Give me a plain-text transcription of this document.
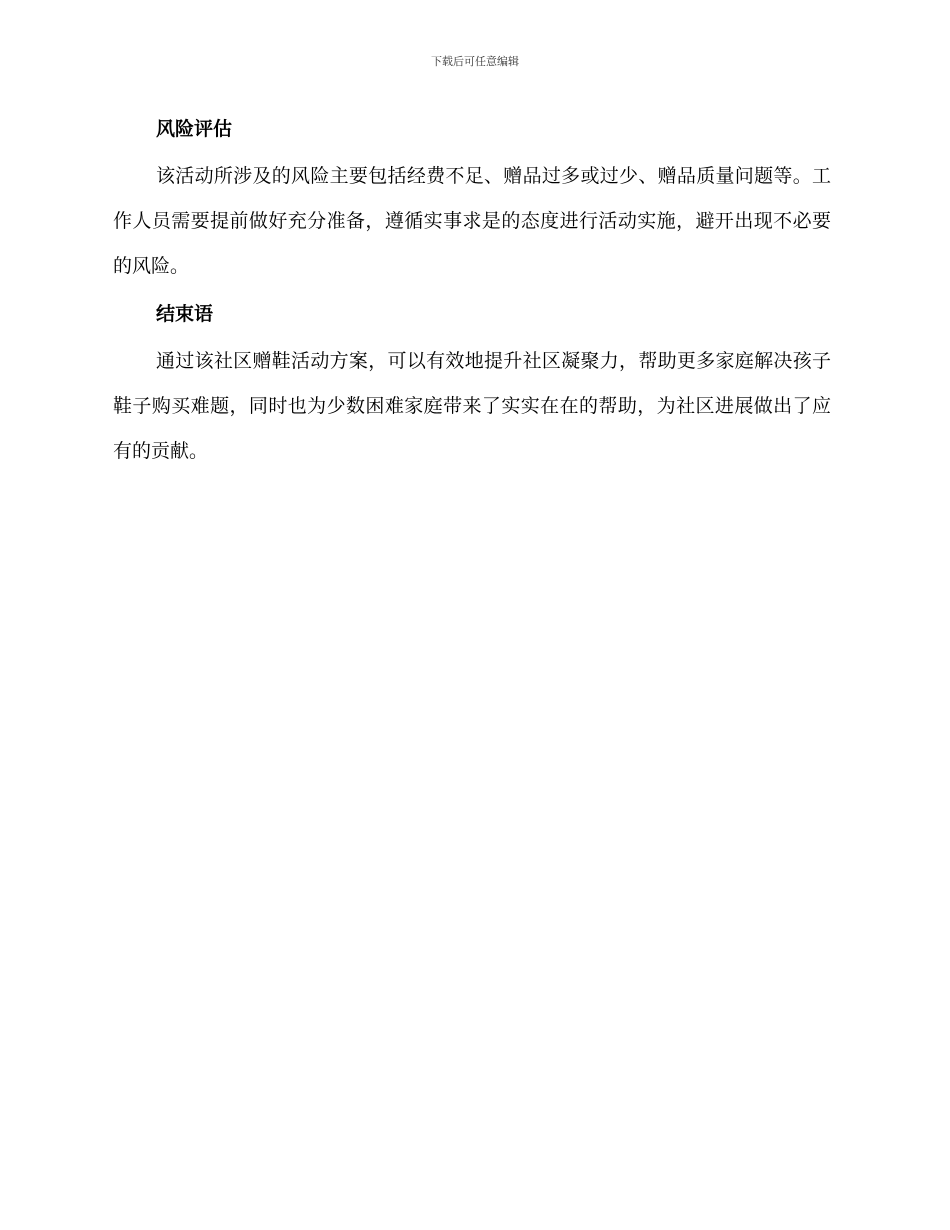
下载后可任意编辑
风险评估

该活动所涉及的风险主要包括经费不足、赠品过多或过少、赠品质量问题等。工作人员需要提前做好充分准备，遵循实事求是的态度进行活动实施，避开出现不必要的风险。

结束语

通过该社区赠鞋活动方案，可以有效地提升社区凝聚力，帮助更多家庭解决孩子鞋子购买难题，同时也为少数困难家庭带来了实实在在的帮助，为社区进展做出了应有的贡献。
